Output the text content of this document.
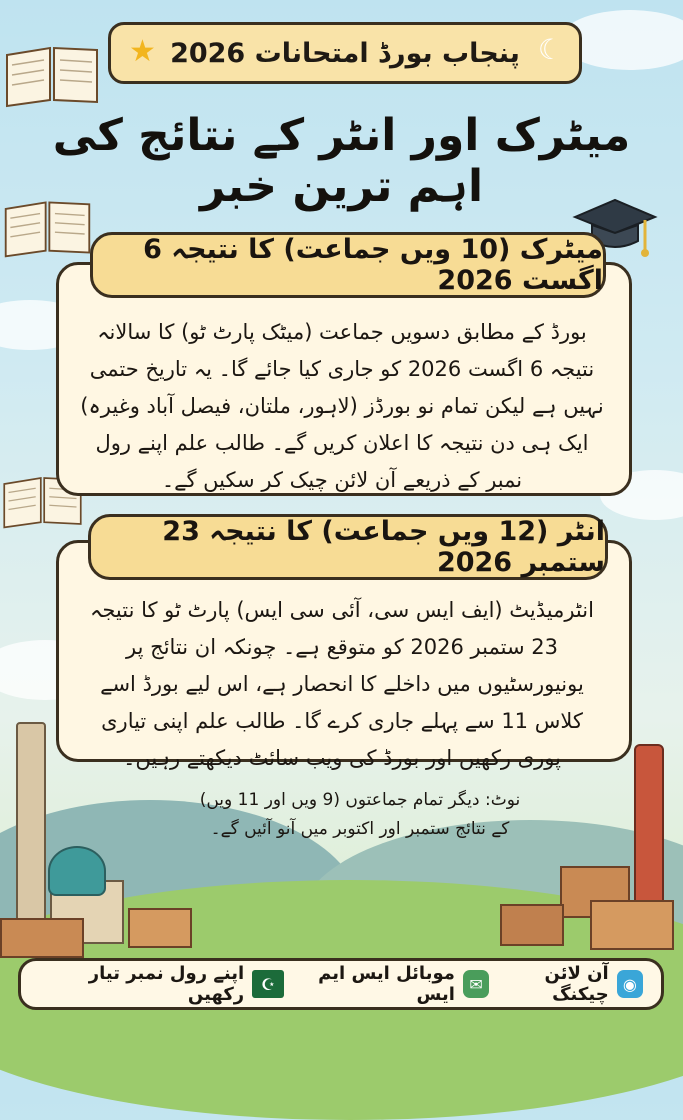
پنجاب بورڈ امتحانات 2026
★	☾
میٹرک اور انٹر کے نتائج کی اہم ترین خبر
میٹرک (10 ویں جماعت) کا نتیجہ 6 اگست 2026
بورڈ کے مطابق دسویں جماعت (میٹک پارٹ ٹو) کا سالانہ نتیجہ 6 اگست 2026 کو جاری کیا جائے گا۔ یہ تاریخ حتمی نہیں ہے لیکن تمام نو بورڈز (لاہور، ملتان، فیصل آباد وغیرہ) ایک ہی دن نتیجہ کا اعلان کریں گے۔ طالب علم اپنے رول نمبر کے ذریعے آن لائن چیک کر سکیں گے۔
انٹر (12 ویں جماعت) کا نتیجہ 23 ستمبر 2026
انٹرمیڈیٹ (ایف ایس سی، آئی سی ایس) پارٹ ٹو کا نتیجہ 23 ستمبر 2026 کو متوقع ہے۔ چونکہ ان نتائج پر یونیورسٹیوں میں داخلے کا انحصار ہے، اس لیے بورڈ اسے کلاس 11 سے پہلے جاری کرے گا۔ طالب علم اپنی تیاری پوری رکھیں اور بورڈ کی ویب سائٹ دیکھتے رہیں۔
نوٹ: دیگر تمام جماعتوں (9 ویں اور 11 ویں) کے نتائج ستمبر اور اکتوبر میں آنو آئیں گے۔
◉
آن لائن چیکنگ
✉
موبائل ایس ایم ایس
☪
اپنے رول نمبر تیار رکھیں
